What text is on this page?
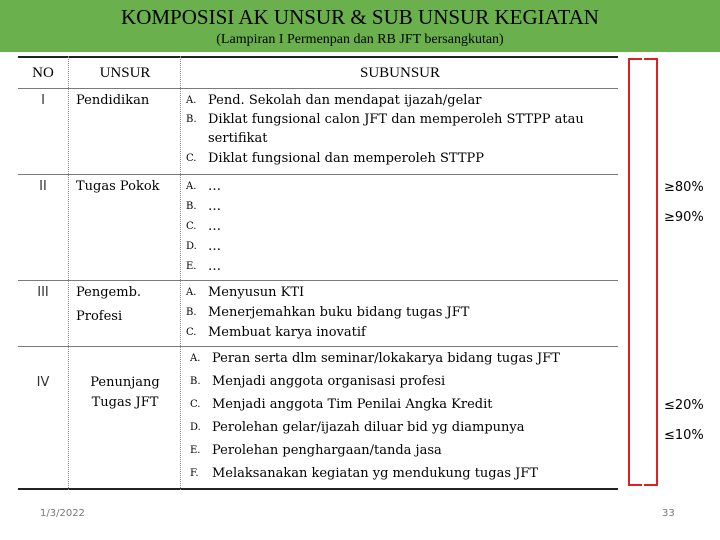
KOMPOSISI AK UNSUR & SUB UNSUR KEGIATAN
(Lampiran I Permenpan dan RB JFT bersangkutan)
NO	UNSUR	SUBUNSUR
I	Pendidikan	A. Pend. Sekolah dan mendapat ijazah/gelar
B. Diklat fungsional calon JFT dan memperoleh STTPP atau
sertifikat
C. Diklat fungsional dan memperoleh STTPP
II	Tugas Pokok	A. …
B. …
C. …
D. …
E. …
III	Pengemb.
Profesi
A. Menyusun KTI
B. Menerjemahkan buku bidang tugas JFT
C. Membuat karya inovatif
IV	Penunjang
Tugas JFT
A. Peran serta dlm seminar/lokakarya bidang tugas JFT
B. Menjadi anggota organisasi profesi
C. Menjadi anggota Tim Penilai Angka Kredit
D. Perolehan gelar/ijazah diluar bid yg diampunya
E. Perolehan penghargaan/tanda jasa
F. Melaksanakan kegiatan yg mendukung tugas JFT
≥80%
≥90%
≤20%
≤10%
1/3/2022	33
